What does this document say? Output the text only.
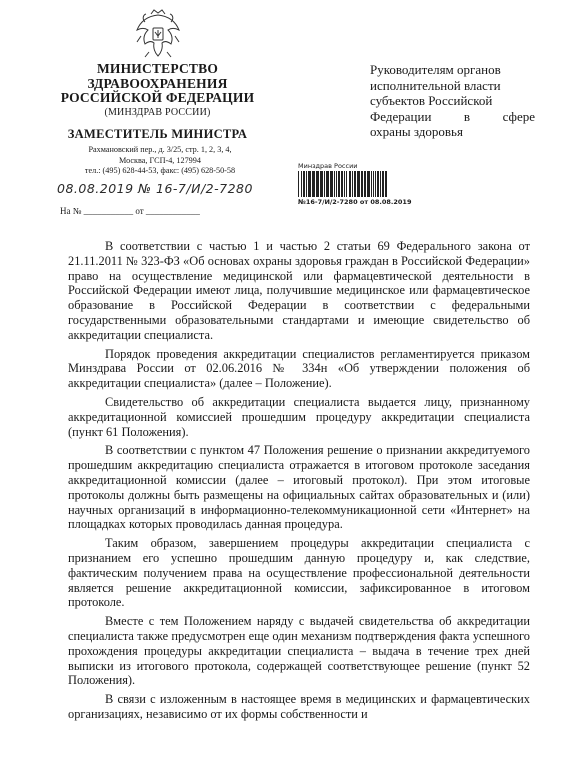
МИНИСТЕРСТВО
ЗДРАВООХРАНЕНИЯ
РОССИЙСКОЙ ФЕДЕРАЦИИ
(МИНЗДРАВ РОССИИ)
ЗАМЕСТИТЕЛЬ МИНИСТРА
Рахмановский пер., д. 3/25, стр. 1, 2, 3, 4,
Москва, ГСП-4, 127994
тел.: (495) 628-44-53, факс: (495) 628-50-58
08.08.2019 № 16-7/И/2-7280
На № ___________ от ____________
Руководителям органов
исполнительной власти
субъектов Российской
Федерации в сфере
охраны здоровья
Минздрав России
№16-7/И/2-7280 от 08.08.2019

В соответствии с частью 1 и частью 2 статьи 69 Федерального закона от 21.11.2011 № 323-ФЗ «Об основах охраны здоровья граждан в Российской Федерации» право на осуществление медицинской или фармацевтической деятельности в Российской Федерации имеют лица, получившие медицинское или фармацевтическое образование в Российской Федерации в соответствии с федеральными государственными образовательными стандартами и имеющие свидетельство об аккредитации специалиста.

Порядок проведения аккредитации специалистов регламентируется приказом Минздрава России от 02.06.2016 № 334н «Об утверждении положения об аккредитации специалиста» (далее – Положение).

Свидетельство об аккредитации специалиста выдается лицу, признанному аккредитационной комиссией прошедшим процедуру аккредитации специалиста (пункт 61 Положения).

В соответствии с пунктом 47 Положения решение о признании аккредитуемого прошедшим аккредитацию специалиста отражается в итоговом протоколе заседания аккредитационной комиссии (далее – итоговый протокол). При этом итоговые протоколы должны быть размещены на официальных сайтах образовательных и (или) научных организаций в информационно-телекоммуникационной сети «Интернет» на площадках которых проводилась данная процедура.

Таким образом, завершением процедуры аккредитации специалиста с признанием его успешно прошедшим данную процедуру и, как следствие, фактическим получением права на осуществление профессиональной деятельности является решение аккредитационной комиссии, зафиксированное в итоговом протоколе.

Вместе с тем Положением наряду с выдачей свидетельства об аккредитации специалиста также предусмотрен еще один механизм подтверждения факта успешного прохождения процедуры аккредитации специалиста – выдача в течение трех дней выписки из итогового протокола, содержащей соответствующее решение (пункт 52 Положения).

В связи с изложенным в настоящее время в медицинских и фармацевтических организациях, независимо от их формы собственности и
